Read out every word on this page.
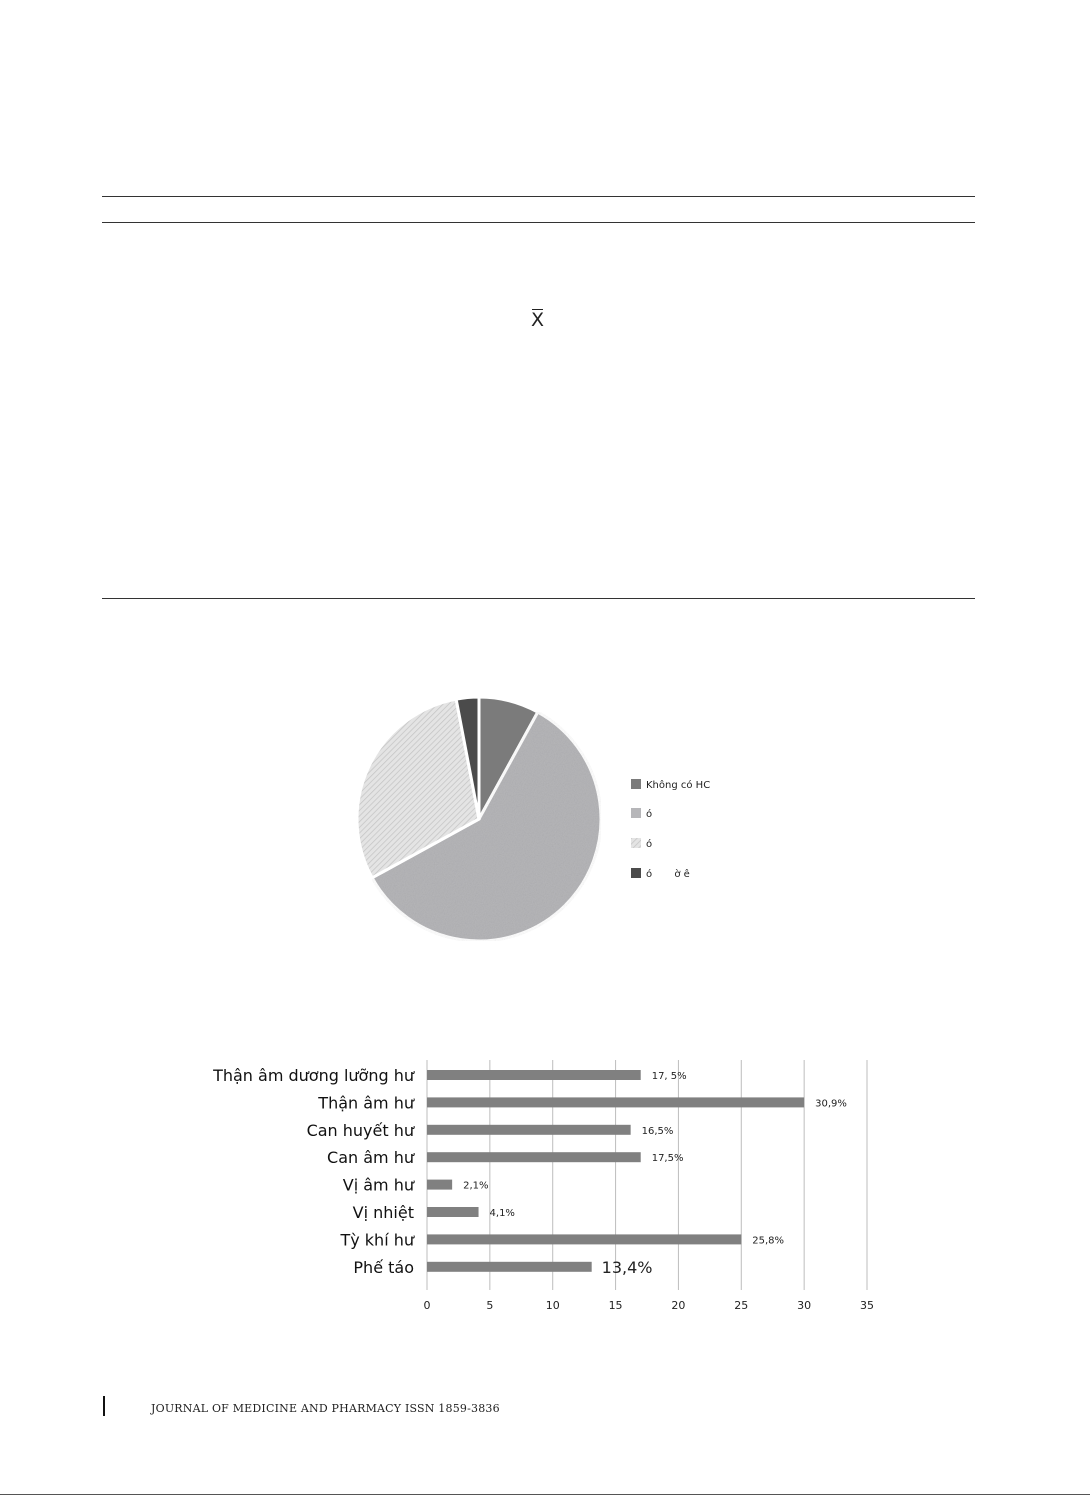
X
Không có HC
ó
ó
ó       ờ ê
Thận âm dương lưỡng hư
Thận âm hư
Can huyết hư
Can âm hư
Vị âm hư
Vị nhiệt
Tỳ khí hư
Phế táo
17, 5%
30,9%
16,5%
17,5%
2,1%
4,1%
25,8%
13,4%
0	5	10	15	20	25	30	35
JOURNAL OF MEDICINE AND PHARMACY ISSN 1859-3836
